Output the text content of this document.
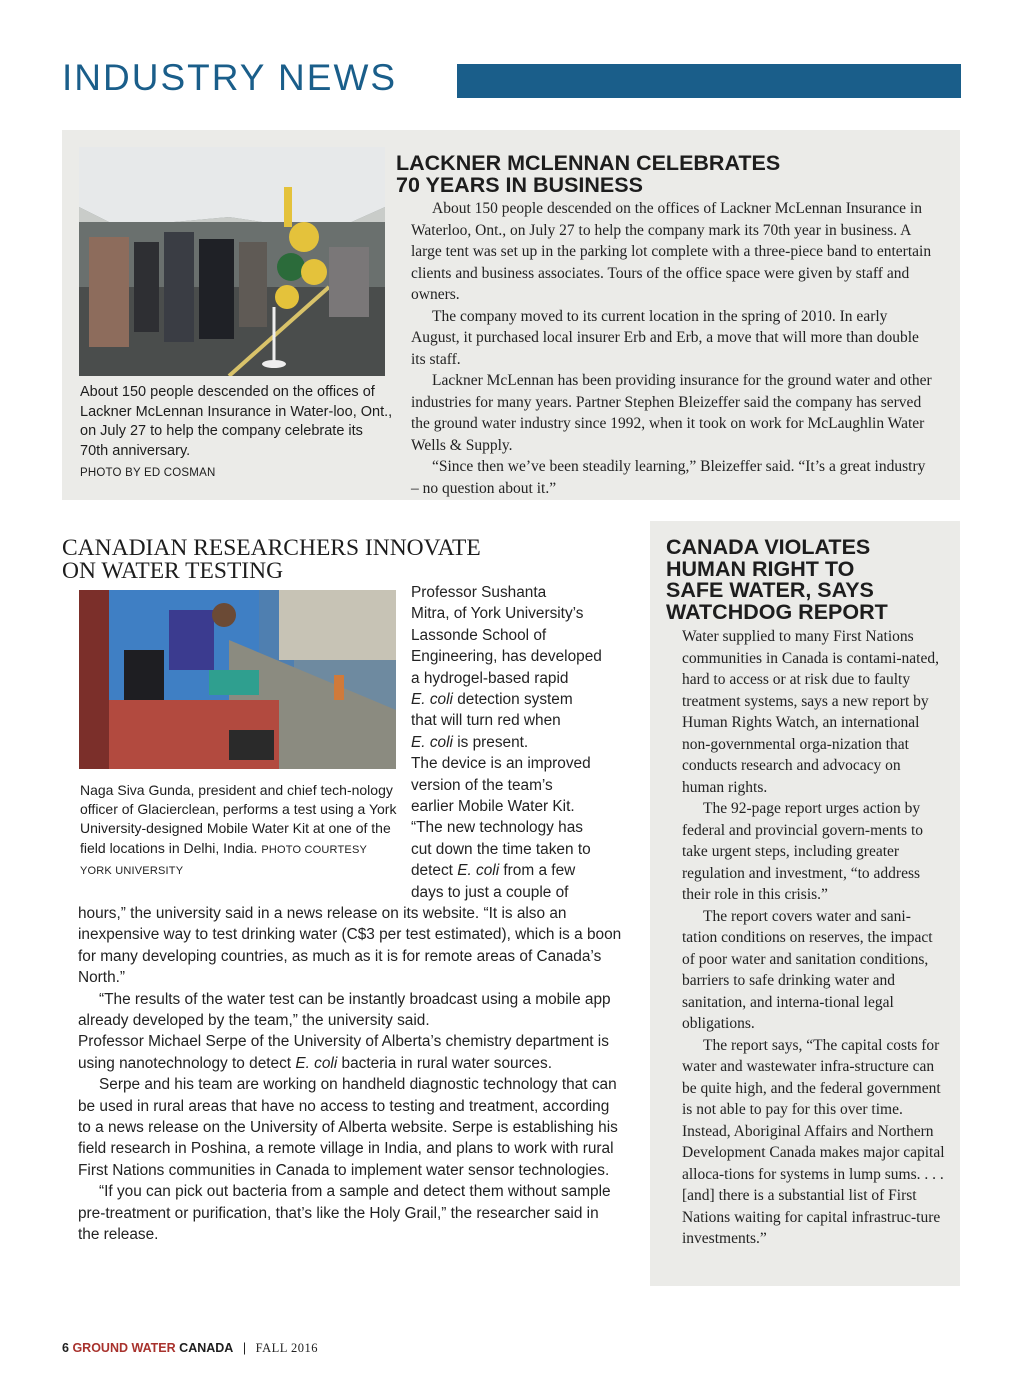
INDUSTRY NEWS
About 150 people descended on the offices of Lackner McLennan Insurance in Water-loo, Ont., on July 27 to help the company celebrate its 70th anniversary.
PHOTO BY ED COSMAN
LACKNER MCLENNAN CELEBRATES
70 YEARS IN BUSINESS

About 150 people descended on the offices of Lackner McLennan Insurance in Waterloo, Ont., on July 27 to help the company mark its 70th year in business. A large tent was set up in the parking lot complete with a three-piece band to entertain clients and business associates. Tours of the office space were given by staff and owners.

The company moved to its current location in the spring of 2010. In early August, it purchased local insurer Erb and Erb, a move that will more than double its staff.

Lackner McLennan has been providing insurance for the ground water and other industries for many years. Partner Stephen Bleizeffer said the company has served the ground water industry since 1992, when it took on work for McLaughlin Water Wells & Supply.

“Since then we’ve been steadily learning,” Bleizeffer said. “It’s a great industry – no question about it.”

CANADIAN RESEARCHERS INNOVATE
ON WATER TESTING
Naga Siva Gunda, president and chief tech-nology officer of Glacierclean, performs a test using a York University-designed Mobile Water Kit at one of the field locations in Delhi, India. PHOTO COURTESY YORK UNIVERSITY
Professor Sushanta
Mitra, of York University’s
Lassonde School of
Engineering, has developed
a hydrogel-based rapid
E. coli detection system
that will turn red when
E. coli is present.
The device is an improved
version of the team’s
earlier Mobile Water Kit.
“The new technology has
cut down the time taken to
detect E. coli from a few
days to just a couple of

hours,” the university said in a news release on its website. “It is also an inexpensive way to test drinking water (C$3 per test estimated), which is a boon for many developing countries, as much as it is for remote areas of Canada’s North.”

“The results of the water test can be instantly broadcast using a mobile app already developed by the team,” the university said.

Professor Michael Serpe of the University of Alberta’s chemistry department is using nanotechnology to detect E. coli bacteria in rural water sources.

Serpe and his team are working on handheld diagnostic technology that can be used in rural areas that have no access to testing and treatment, according to a news release on the University of Alberta website. Serpe is establishing his field research in Poshina, a remote village in India, and plans to work with rural First Nations communities in Canada to implement water sensor technologies.

“If you can pick out bacteria from a sample and detect them without sample pre-treatment or purification, that’s like the Holy Grail,” the researcher said in the release.

CANADA VIOLATES
HUMAN RIGHT TO
SAFE WATER, SAYS
WATCHDOG REPORT

Water supplied to many First Nations communities in Canada is contami-nated, hard to access or at risk due to faulty treatment systems, says a new report by Human Rights Watch, an international non-governmental orga-nization that conducts research and advocacy on human rights.

The 92-page report urges action by federal and provincial govern-ments to take urgent steps, including greater regulation and investment, “to address their role in this crisis.”

The report covers water and sani-tation conditions on reserves, the impact of poor water and sanitation conditions, barriers to safe drinking water and sanitation, and interna-tional legal obligations.

The report says, “The capital costs for water and wastewater infra-structure can be quite high, and the federal government is not able to pay for this over time. Instead, Aboriginal Affairs and Northern Development Canada makes major capital alloca-tions for systems in lump sums. . . . [and] there is a substantial list of First Nations waiting for capital infrastruc-ture investments.”

6 GROUND WATER CANADA | FALL 2016
